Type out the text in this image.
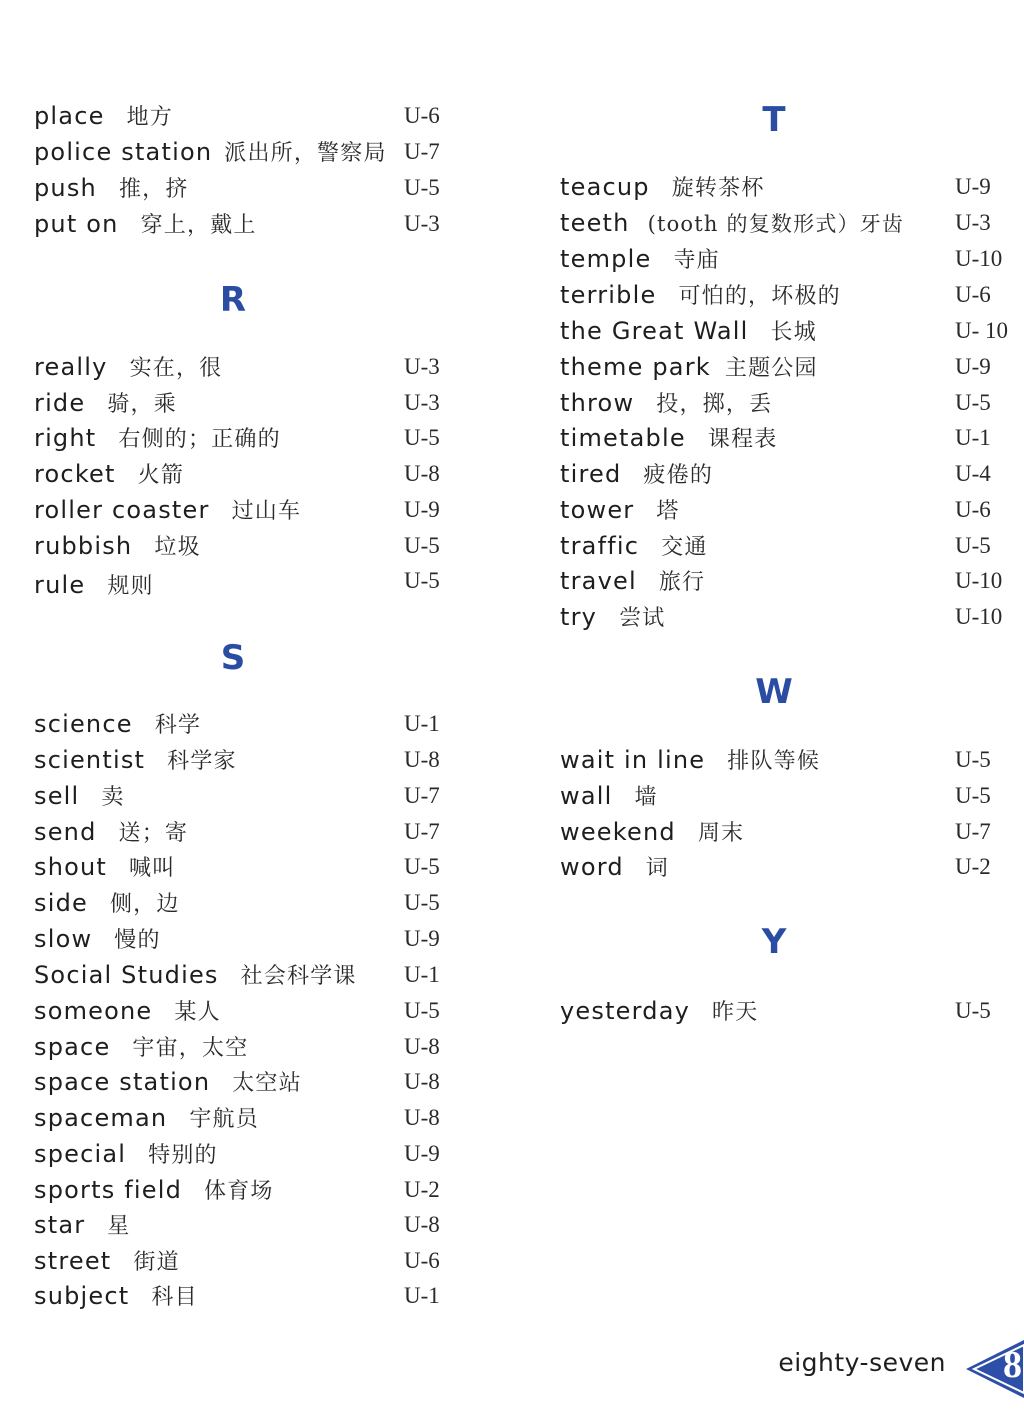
place 地方	U-6
police station 派出所，警察局 U-7
push 推，挤	U-5
put on 穿上，戴上	U-3
R
really 实在，很	U-3
ride 骑，乘	U-3
right 右侧的；正确的	U-5
rocket 火箭	U-8
roller coaster 过山车	U-9
rubbish 垃圾	U-5
rule 规则	U-5
S
science 科学	U-1
scientist 科学家	U-8
sell 卖	U-7
send 送；寄	U-7
shout 喊叫	U-5
side 侧，边	U-5
slow 慢的	U-9
Social Studies 社会科学课 U-1
someone 某人	U-5
space 宇宙，太空	U-8
space station 太空站	U-8
spaceman 宇航员	U-8
special 特别的	U-9
sports field 体育场	U-2
star 星	U-8
street 街道	U-6
subject 科目	U-1
T
teacup 旋转茶杯	U-9
teeth (tooth 的复数形式）牙齿 U-3
temple 寺庙	U-10
terrible 可怕的，坏极的	U-6
the Great Wall 长城	U- 10
theme park 主题公园	U-9
throw 投，掷，丢	U-5
timetable 课程表	U-1
tired 疲倦的	U-4
tower 塔	U-6
traffic 交通	U-5
travel 旅行	U-10
try 尝试	U-10
W
wait in line 排队等候	U-5
wall 墙	U-5
weekend 周末	U-7
word 词	U-2
Y
yesterday 昨天	U-5
eighty-seven 8
